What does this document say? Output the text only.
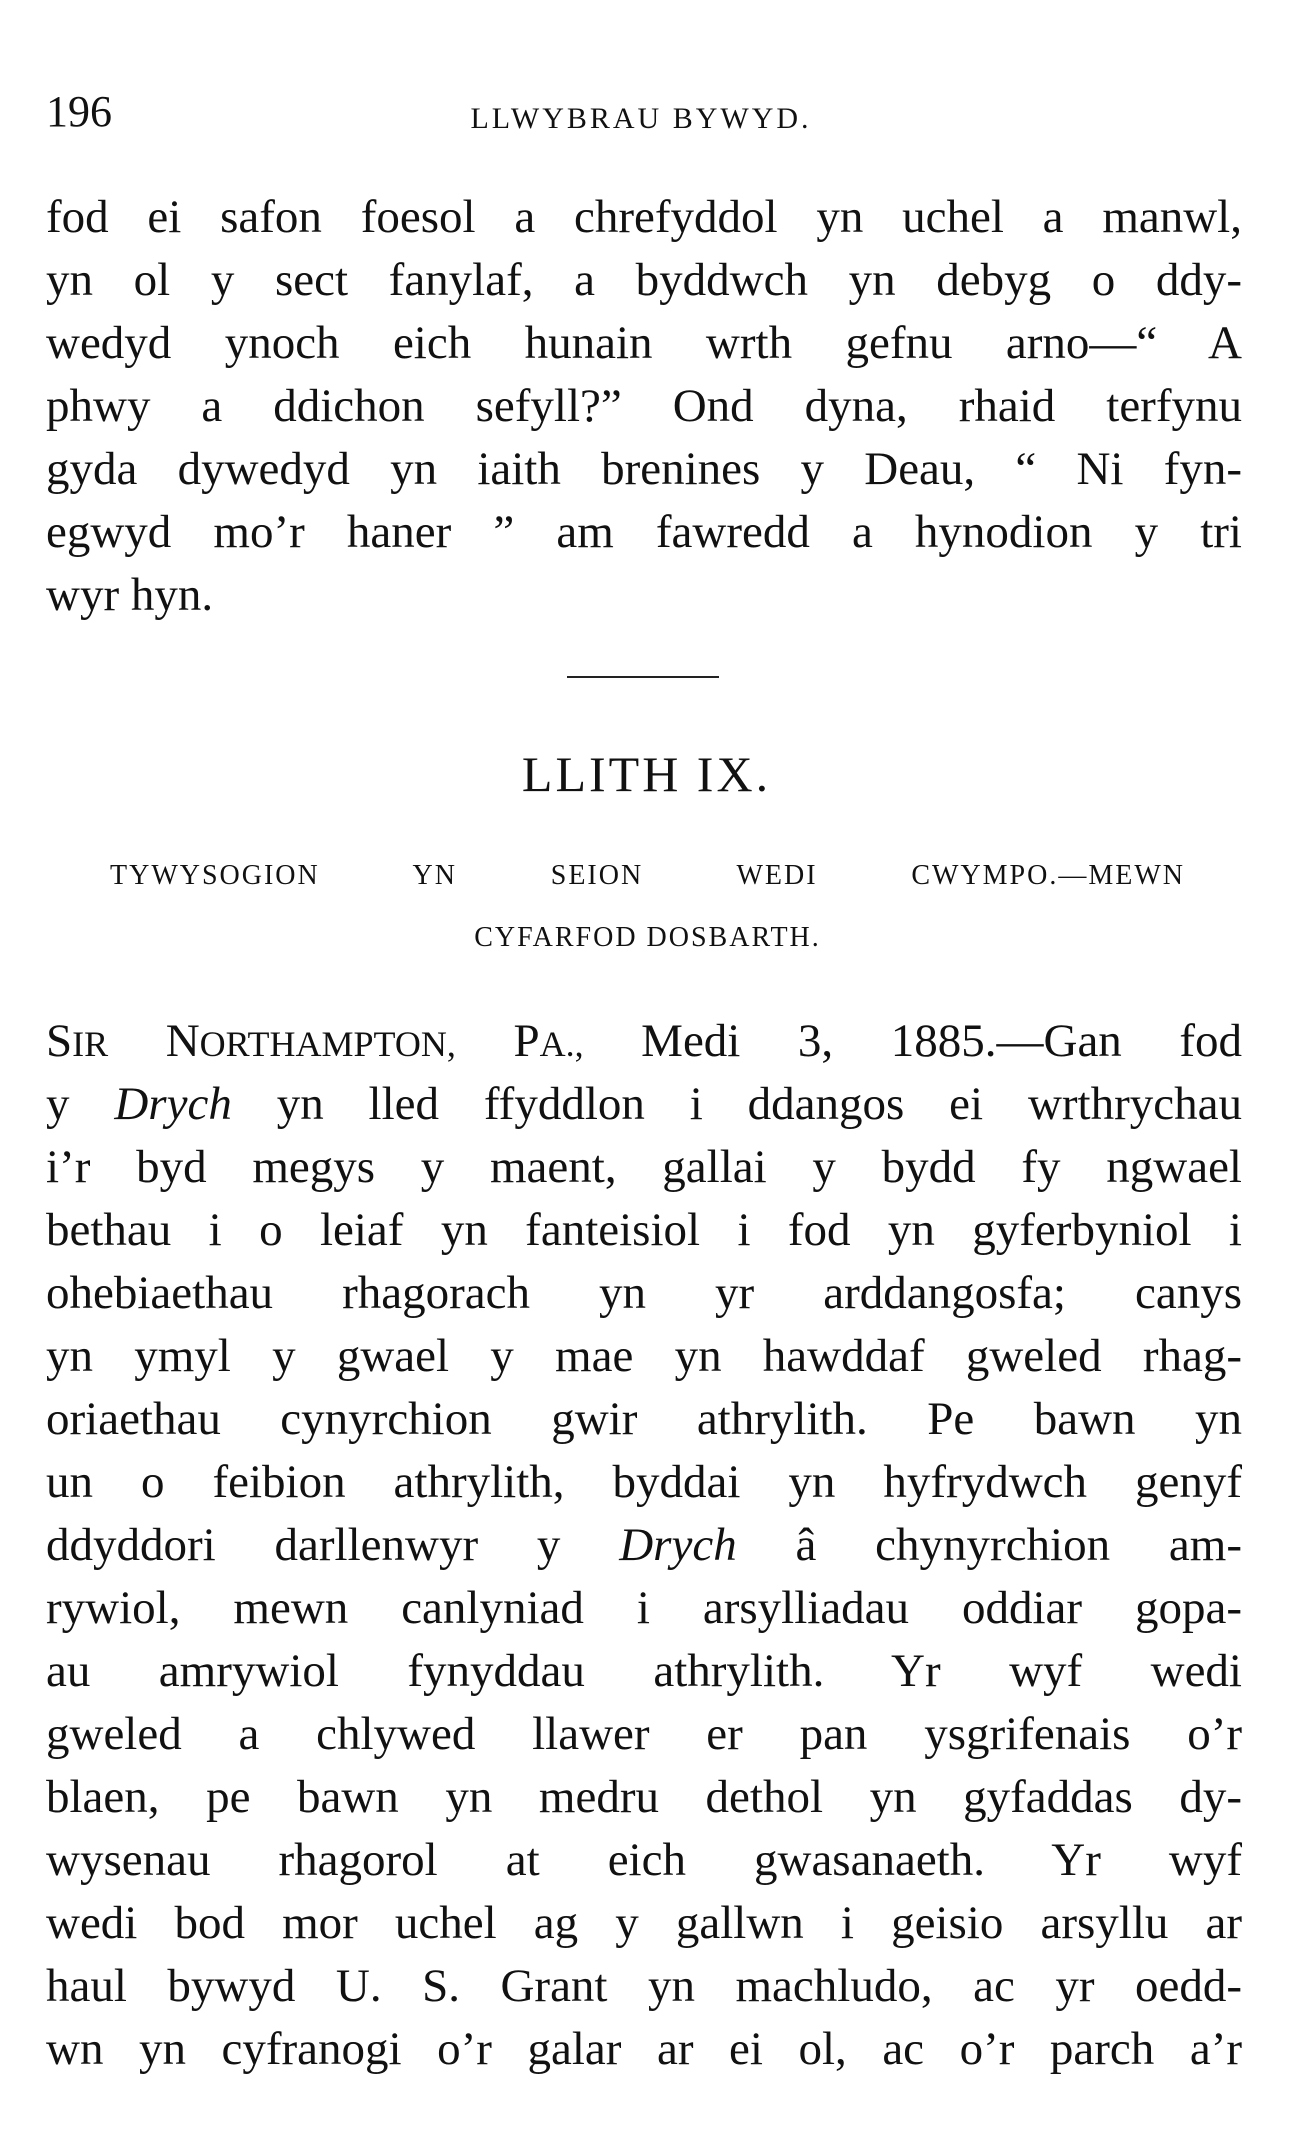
196	LLWYBRAU BYWYD.
fod ei safon foesol a chrefyddol yn uchel a manwl,
yn ol y sect fanylaf, a byddwch yn debyg o ddy-
wedyd ynoch eich hunain wrth gefnu arno—“ A
phwy a ddichon sefyll?” Ond dyna, rhaid terfynu
gyda dywedyd yn iaith brenines y Deau, “ Ni fyn-
egwyd mo’r haner ” am fawredd a hynodion y tri
wyr hyn.
LLITH IX.
TYWYSOGION YN SEION WEDI CWYMPO.—MEWN
CYFARFOD DOSBARTH.
SIR NORTHAMPTON, PA., Medi 3, 1885.—Gan fod
y Drych yn lled ffyddlon i ddangos ei wrthrychau
i’r byd megys y maent, gallai y bydd fy ngwael
bethau i o leiaf yn fanteisiol i fod yn gyferbyniol i
ohebiaethau rhagorach yn yr arddangosfa; canys
yn ymyl y gwael y mae yn hawddaf gweled rhag-
oriaethau cynyrchion gwir athrylith. Pe bawn yn
un o feibion athrylith, byddai yn hyfrydwch genyf
ddyddori darllenwyr y Drych â chynyrchion am-
rywiol, mewn canlyniad i arsylliadau oddiar gopa-
au amrywiol fynyddau athrylith. Yr wyf wedi
gweled a chlywed llawer er pan ysgrifenais o’r
blaen, pe bawn yn medru dethol yn gyfaddas dy-
wysenau rhagorol at eich gwasanaeth. Yr wyf
wedi bod mor uchel ag y gallwn i geisio arsyllu ar
haul bywyd U. S. Grant yn machludo, ac yr oedd-
wn yn cyfranogi o’r galar ar ei ol, ac o’r parch a’r
